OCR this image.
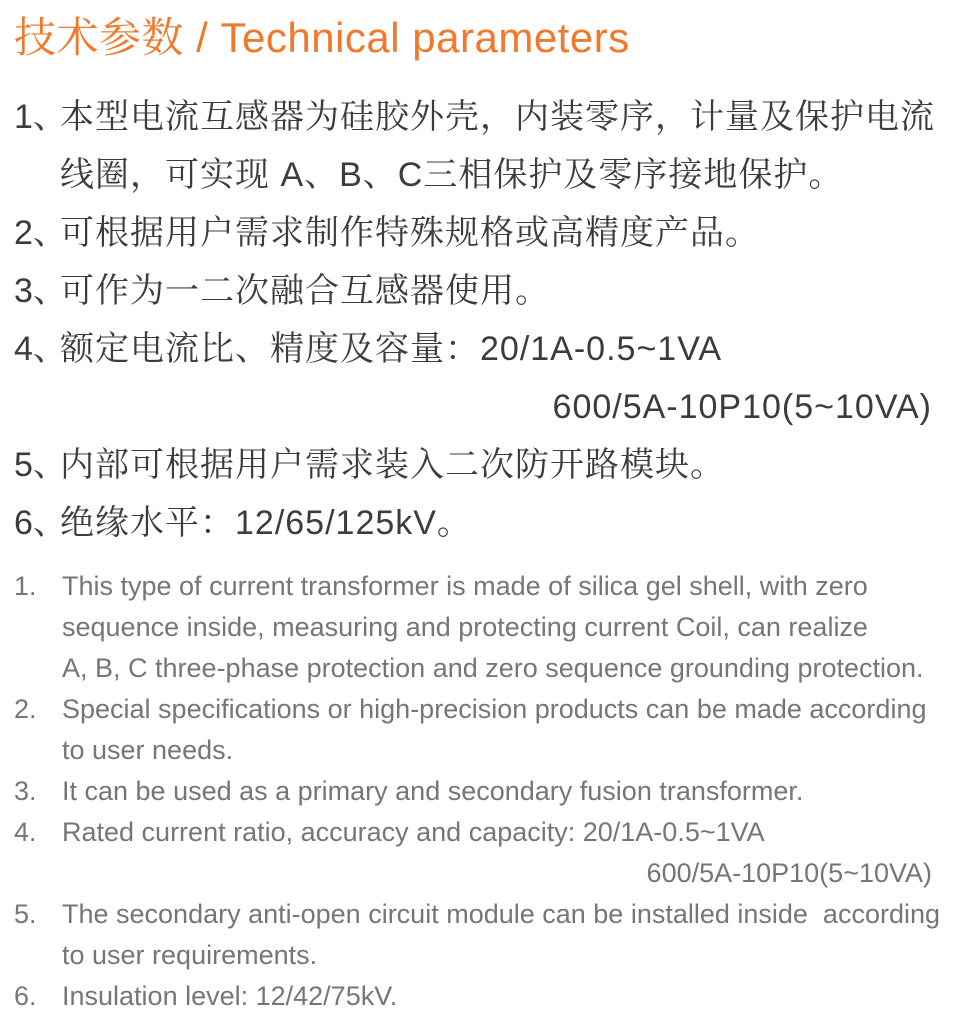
技术参数 / Technical parameters
1、
本型电流互感器为硅胶外壳，内装零序，计量及保护电流
线圈，可实现 A、B、C三相保护及零序接地保护。
2、
可根据用户需求制作特殊规格或高精度产品。
3、
可作为一二次融合互感器使用。
4、
额定电流比、精度及容量：20/1A-0.5~1VA
600/5A-10P10(5~10VA)
5、
内部可根据用户需求装入二次防开路模块。
6、
绝缘水平：12/65/125kV。
1. This type of current transformer is made of silica gel shell, with zero
sequence inside, measuring and protecting current Coil, can realize
A, B, C three-phase protection and zero sequence grounding protection.
2. Special specifications or high-precision products can be made according
to user needs.
3. It can be used as a primary and secondary fusion transformer.
4. Rated current ratio, accuracy and capacity: 20/1A-0.5~1VA
600/5A-10P10(5~10VA)
5. The secondary anti-open circuit module can be installed inside  according
to user requirements.
6. Insulation level: 12/42/75kV.
